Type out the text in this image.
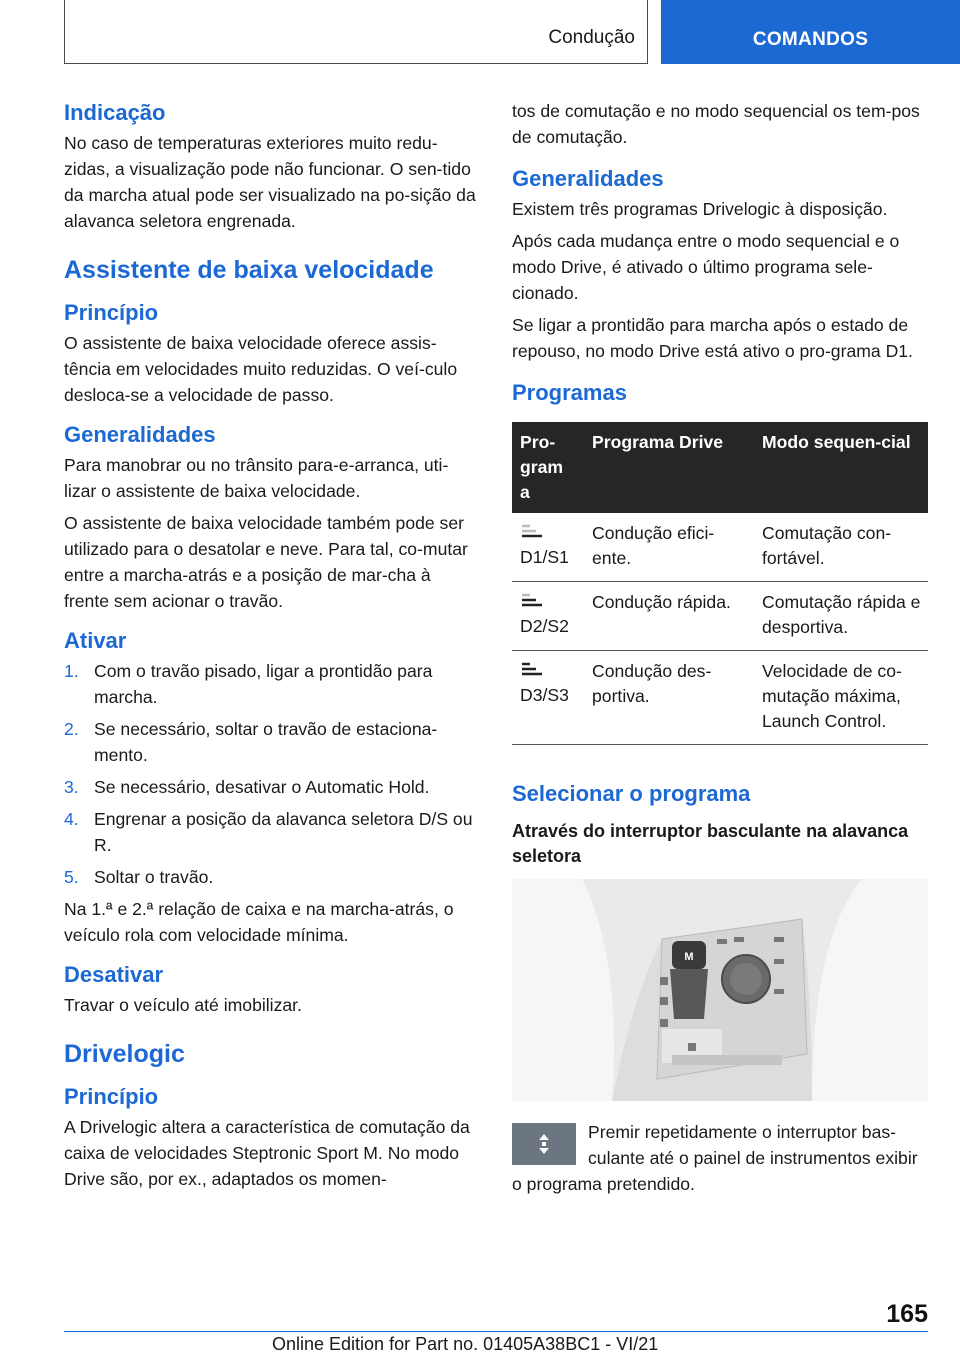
Condução	COMANDOS
Indicação

No caso de temperaturas exteriores muito redu-zidas, a visualização pode não funcionar. O sen-tido da marcha atual pode ser visualizado na po-sição da alavanca seletora engrenada.

Assistente de baixa velocidade
Princípio

O assistente de baixa velocidade oferece assis-tência em velocidades muito reduzidas. O veí-culo desloca-se a velocidade de passo.

Generalidades

Para manobrar ou no trânsito para-e-arranca, uti-lizar o assistente de baixa velocidade.

O assistente de baixa velocidade também pode ser utilizado para o desatolar e neve. Para tal, co-mutar entre a marcha-atrás e a posição de mar-cha à frente sem acionar o travão.

Ativar
1. Com o travão pisado, ligar a prontidão para marcha.
2. Se necessário, soltar o travão de estaciona-mento.
3. Se necessário, desativar o Automatic Hold.
4. Engrenar a posição da alavanca seletora D/S ou R.
5. Soltar o travão.

Na 1.ª e 2.ª relação de caixa e na marcha-atrás, o veículo rola com velocidade mínima.

Desativar

Travar o veículo até imobilizar.

Drivelogic
Princípio

A Drivelogic altera a característica de comutação da caixa de velocidades Steptronic Sport M. No modo Drive são, por ex., adaptados os momen-

tos de comutação e no modo sequencial os tem-pos de comutação.

Generalidades

Existem três programas Drivelogic à disposição.

Após cada mudança entre o modo sequencial e o modo Drive, é ativado o último programa sele-cionado.

Se ligar a prontidão para marcha após o estado de repouso, no modo Drive está ativo o pro-grama D1.

Programas
Pro-gram a	Programa Drive	Modo sequen-cial

D1/S1	Condução efici-ente.	Comutação con-fortável.

D2/S2	Condução rápida.	Comutação rápida e desportiva.

D3/S3	Condução des-portiva.	Velocidade de co-mutação máxima, Launch Control.
Selecionar o programa
Através do interruptor basculante na alavanca seletora
M

Premir repetidamente o interruptor bas-culante até o painel de instrumentos exibir o programa pretendido.

165
Online Edition for Part no. 01405A38BC1 - VI/21
